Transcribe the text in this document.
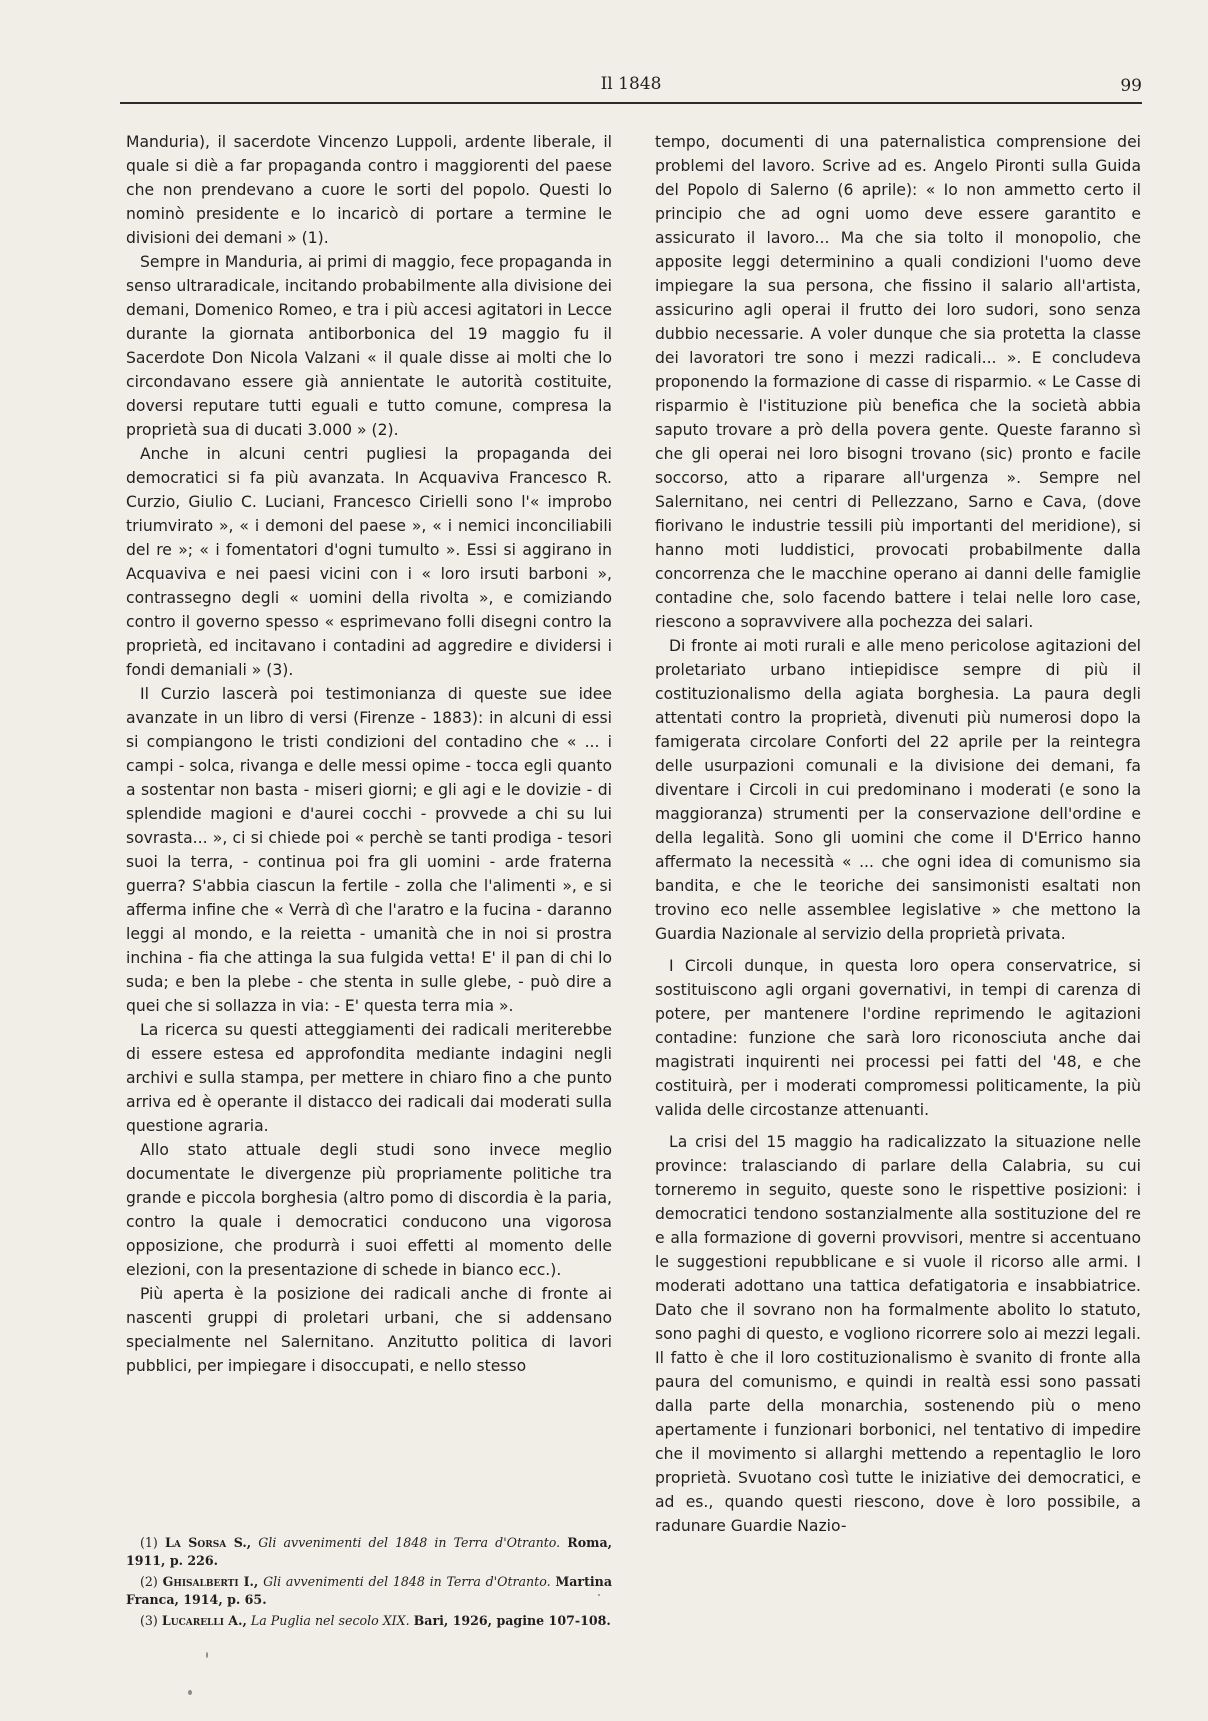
Il 1848	99

Manduria), il sacerdote Vincenzo Luppoli, ardente liberale, il quale si diè a far propaganda contro i maggiorenti del paese che non prendevano a cuore le sorti del popolo. Questi lo nominò presidente e lo incaricò di portare a termine le divisioni dei demani » (1).

Sempre in Manduria, ai primi di maggio, fece propaganda in senso ultraradicale, incitando probabilmente alla divisione dei demani, Domenico Romeo, e tra i più accesi agitatori in Lecce durante la giornata antiborbonica del 19 maggio fu il Sacerdote Don Nicola Valzani « il quale disse ai molti che lo circondavano essere già annientate le autorità costituite, doversi reputare tutti eguali e tutto comune, compresa la proprietà sua di ducati 3.000 » (2).

Anche in alcuni centri pugliesi la propaganda dei democratici si fa più avanzata. In Acquaviva Francesco R. Curzio, Giulio C. Luciani, Francesco Cirielli sono l'« improbo triumvirato », « i demoni del paese », « i nemici inconciliabili del re »; « i fomentatori d'ogni tumulto ». Essi si aggirano in Acquaviva e nei paesi vicini con i « loro irsuti barboni », contrassegno degli « uomini della rivolta », e comiziando contro il governo spesso « esprimevano folli disegni contro la proprietà, ed incitavano i contadini ad aggredire e dividersi i fondi demaniali » (3).

Il Curzio lascerà poi testimonianza di queste sue idee avanzate in un libro di versi (Firenze - 1883): in alcuni di essi si compiangono le tristi condizioni del contadino che « ... i campi - solca, rivanga e delle messi opime - tocca egli quanto a sostentar non basta - miseri giorni; e gli agi e le dovizie - di splendide magioni e d'aurei cocchi - provvede a chi su lui sovrasta... », ci si chiede poi « perchè se tanti prodiga - tesori suoi la terra, - continua poi fra gli uomini - arde fraterna guerra? S'abbia ciascun la fertile - zolla che l'alimenti », e si afferma infine che « Verrà dì che l'aratro e la fucina - daranno leggi al mondo, e la reietta - umanità che in noi si prostra inchina - fia che attinga la sua fulgida vetta! E' il pan di chi lo suda; e ben la plebe - che stenta in sulle glebe, - può dire a quei che si sollazza in via: - E' questa terra mia ».

La ricerca su questi atteggiamenti dei radicali meriterebbe di essere estesa ed approfondita mediante indagini negli archivi e sulla stampa, per mettere in chiaro fino a che punto arriva ed è operante il distacco dei radicali dai moderati sulla questione agraria.

Allo stato attuale degli studi sono invece meglio documentate le divergenze più propriamente politiche tra grande e piccola borghesia (altro pomo di discordia è la paria, contro la quale i democratici conducono una vigorosa opposizione, che produrrà i suoi effetti al momento delle elezioni, con la presentazione di schede in bianco ecc.).

Più aperta è la posizione dei radicali anche di fronte ai nascenti gruppi di proletari urbani, che si addensano specialmente nel Salernitano. Anzitutto politica di lavori pubblici, per impiegare i disoccupati, e nello stesso

tempo, documenti di una paternalistica comprensione dei problemi del lavoro. Scrive ad es. Angelo Pironti sulla Guida del Popolo di Salerno (6 aprile): « Io non ammetto certo il principio che ad ogni uomo deve essere garantito e assicurato il lavoro... Ma che sia tolto il monopolio, che apposite leggi determinino a quali condizioni l'uomo deve impiegare la sua persona, che fissino il salario all'artista, assicurino agli operai il frutto dei loro sudori, sono senza dubbio necessarie. A voler dunque che sia protetta la classe dei lavoratori tre sono i mezzi radicali... ». E concludeva proponendo la formazione di casse di risparmio. « Le Casse di risparmio è l'istituzione più benefica che la società abbia saputo trovare a prò della povera gente. Queste faranno sì che gli operai nei loro bisogni trovano (sic) pronto e facile soccorso, atto a riparare all'urgenza ». Sempre nel Salernitano, nei centri di Pellezzano, Sarno e Cava, (dove fiorivano le industrie tessili più importanti del meridione), si hanno moti luddistici, provocati probabilmente dalla concorrenza che le macchine operano ai danni delle famiglie contadine che, solo facendo battere i telai nelle loro case, riescono a sopravvivere alla pochezza dei salari.

Di fronte ai moti rurali e alle meno pericolose agitazioni del proletariato urbano intiepidisce sempre di più il costituzionalismo della agiata borghesia. La paura degli attentati contro la proprietà, divenuti più numerosi dopo la famigerata circolare Conforti del 22 aprile per la reintegra delle usurpazioni comunali e la divisione dei demani, fa diventare i Circoli in cui predominano i moderati (e sono la maggioranza) strumenti per la conservazione dell'ordine e della legalità. Sono gli uomini che come il D'Errico hanno affermato la necessità « ... che ogni idea di comunismo sia bandita, e che le teoriche dei sansimonisti esaltati non trovino eco nelle assemblee legislative » che mettono la Guardia Nazionale al servizio della proprietà privata.

I Circoli dunque, in questa loro opera conservatrice, si sostituiscono agli organi governativi, in tempi di carenza di potere, per mantenere l'ordine reprimendo le agitazioni contadine: funzione che sarà loro riconosciuta anche dai magistrati inquirenti nei processi pei fatti del '48, e che costituirà, per i moderati compromessi politicamente, la più valida delle circostanze attenuanti.

La crisi del 15 maggio ha radicalizzato la situazione nelle province: tralasciando di parlare della Calabria, su cui torneremo in seguito, queste sono le rispettive posizioni: i democratici tendono sostanzialmente alla sostituzione del re e alla formazione di governi provvisori, mentre si accentuano le suggestioni repubblicane e si vuole il ricorso alle armi. I moderati adottano una tattica defatigatoria e insabbiatrice. Dato che il sovrano non ha formalmente abolito lo statuto, sono paghi di questo, e vogliono ricorrere solo ai mezzi legali. Il fatto è che il loro costituzionalismo è svanito di fronte alla paura del comunismo, e quindi in realtà essi sono passati dalla parte della monarchia, sostenendo più o meno apertamente i funzionari borbonici, nel tentativo di impedire che il movimento si allarghi mettendo a repentaglio le loro proprietà. Svuotano così tutte le iniziative dei democratici, e ad es., quando questi riescono, dove è loro possibile, a radunare Guardie Nazio-

(1) La Sorsa S., Gli avvenimenti del 1848 in Terra d'Otranto. Roma, 1911, p. 226.

(2) Ghisalberti I., Gli avvenimenti del 1848 in Terra d'Otranto. Martina Franca, 1914, p. 65.

(3) Lucarelli A., La Puglia nel secolo XIX. Bari, 1926, pagine 107-108.
